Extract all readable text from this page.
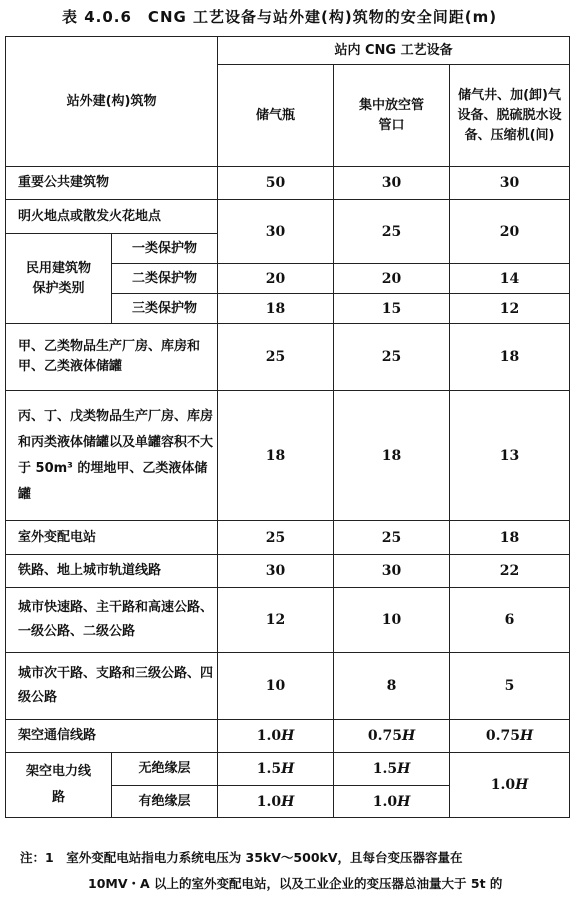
表 4.0.6　CNG 工艺设备与站外建(构)筑物的安全间距(m)
站外建(构)筑物		站内 CNG 工艺设备		
		储气瓶	集中放空管管口	储气井、加(卸)气设备、脱硫脱水设备、压缩机(间)
重要公共建筑物		50	30	30
明火地点或散发火花地点		30	25	20
民用建筑物保护类别	一类保护物			
	二类保护物	20	20	14
	三类保护物	18	15	12
甲、乙类物品生产厂房、库房和甲、乙类液体储罐		25	25	18
丙、丁、戊类物品生产厂房、库房和丙类液体储罐以及单罐容积不大于 50m³ 的埋地甲、乙类液体储罐		18	18	13
室外变配电站		25	25	18
铁路、地上城市轨道线路		30	30	22
城市快速路、主干路和高速公路、一级公路、二级公路		12	10	6
城市次干路、支路和三级公路、四级公路		10	8	5
架空通信线路		1.0H	0.75H	0.75H
架空电力线路	无绝缘层	1.5H	1.5H	1.0H
	有绝缘层	1.0H	1.0H	
注：1　室外变配电站指电力系统电压为 35kV～500kV，且每台变压器容量在
10MV・A 以上的室外变配电站，以及工业企业的变压器总油量大于 5t 的
